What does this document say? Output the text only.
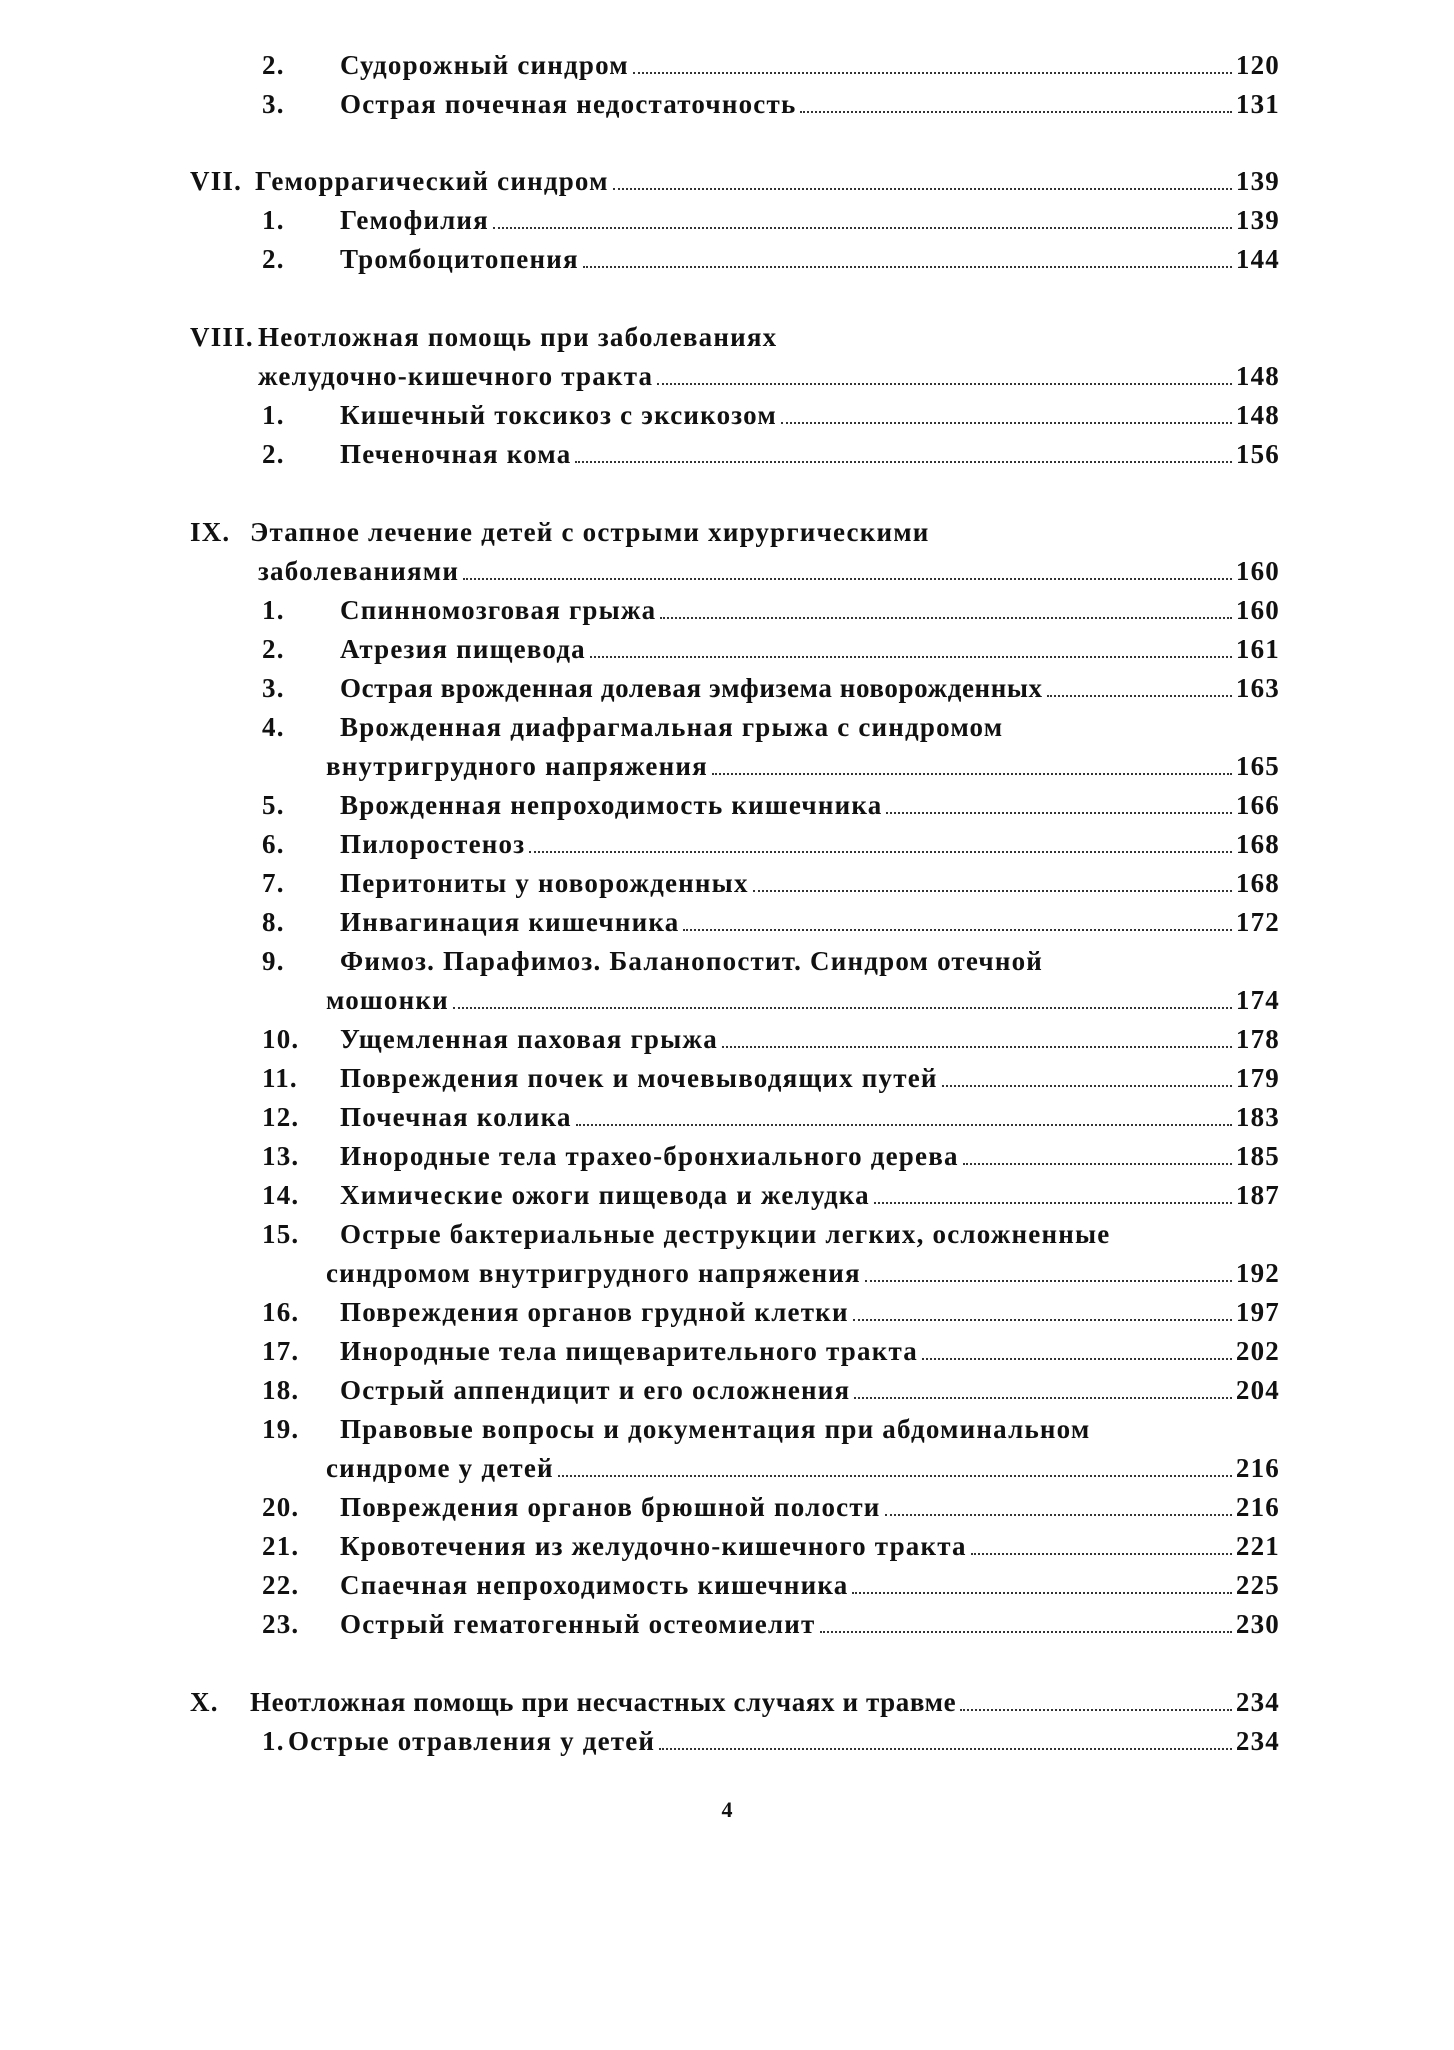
2. Судорожный синдром	120
3. Острая почечная недостаточность	131
VII. Геморрагический синдром	139
1. Гемофилия	139
2. Тромбоцитопения	144
VIII. Неотложная помощь при заболеваниях
желудочно-кишечного тракта	148
1. Кишечный токсикоз с эксикозом	148
2. Печеночная кома	156
IX. Этапное лечение детей с острыми хирургическими
заболеваниями	160
1. Спинномозговая грыжа	160
2. Атрезия пищевода	161
3. Острая врожденная долевая эмфизема новорожденных	163
4. Врожденная диафрагмальная грыжа с синдромом
внутригрудного напряжения	165
5. Врожденная непроходимость кишечника	166
6. Пилоростеноз	168
7. Перитониты у новорожденных	168
8. Инвагинация кишечника	172
9. Фимоз. Парафимоз. Баланопостит. Синдром отечной
мошонки	174
10. Ущемленная паховая грыжа	178
11. Повреждения почек и мочевыводящих путей	179
12. Почечная колика	183
13. Инородные тела трахео-бронхиального дерева	185
14. Химические ожоги пищевода и желудка	187
15. Острые бактериальные деструкции легких, осложненные
синдромом внутригрудного напряжения	192
16. Повреждения органов грудной клетки	197
17. Инородные тела пищеварительного тракта	202
18. Острый аппендицит и его осложнения	204
19. Правовые вопросы и документация при абдоминальном
синдроме у детей	216
20. Повреждения органов брюшной полости	216
21. Кровотечения из желудочно-кишечного тракта	221
22. Спаечная непроходимость кишечника	225
23. Острый гематогенный остеомиелит	230
X. Неотложная помощь при несчастных случаях и травме	234
1. Острые отравления у детей	234
4
